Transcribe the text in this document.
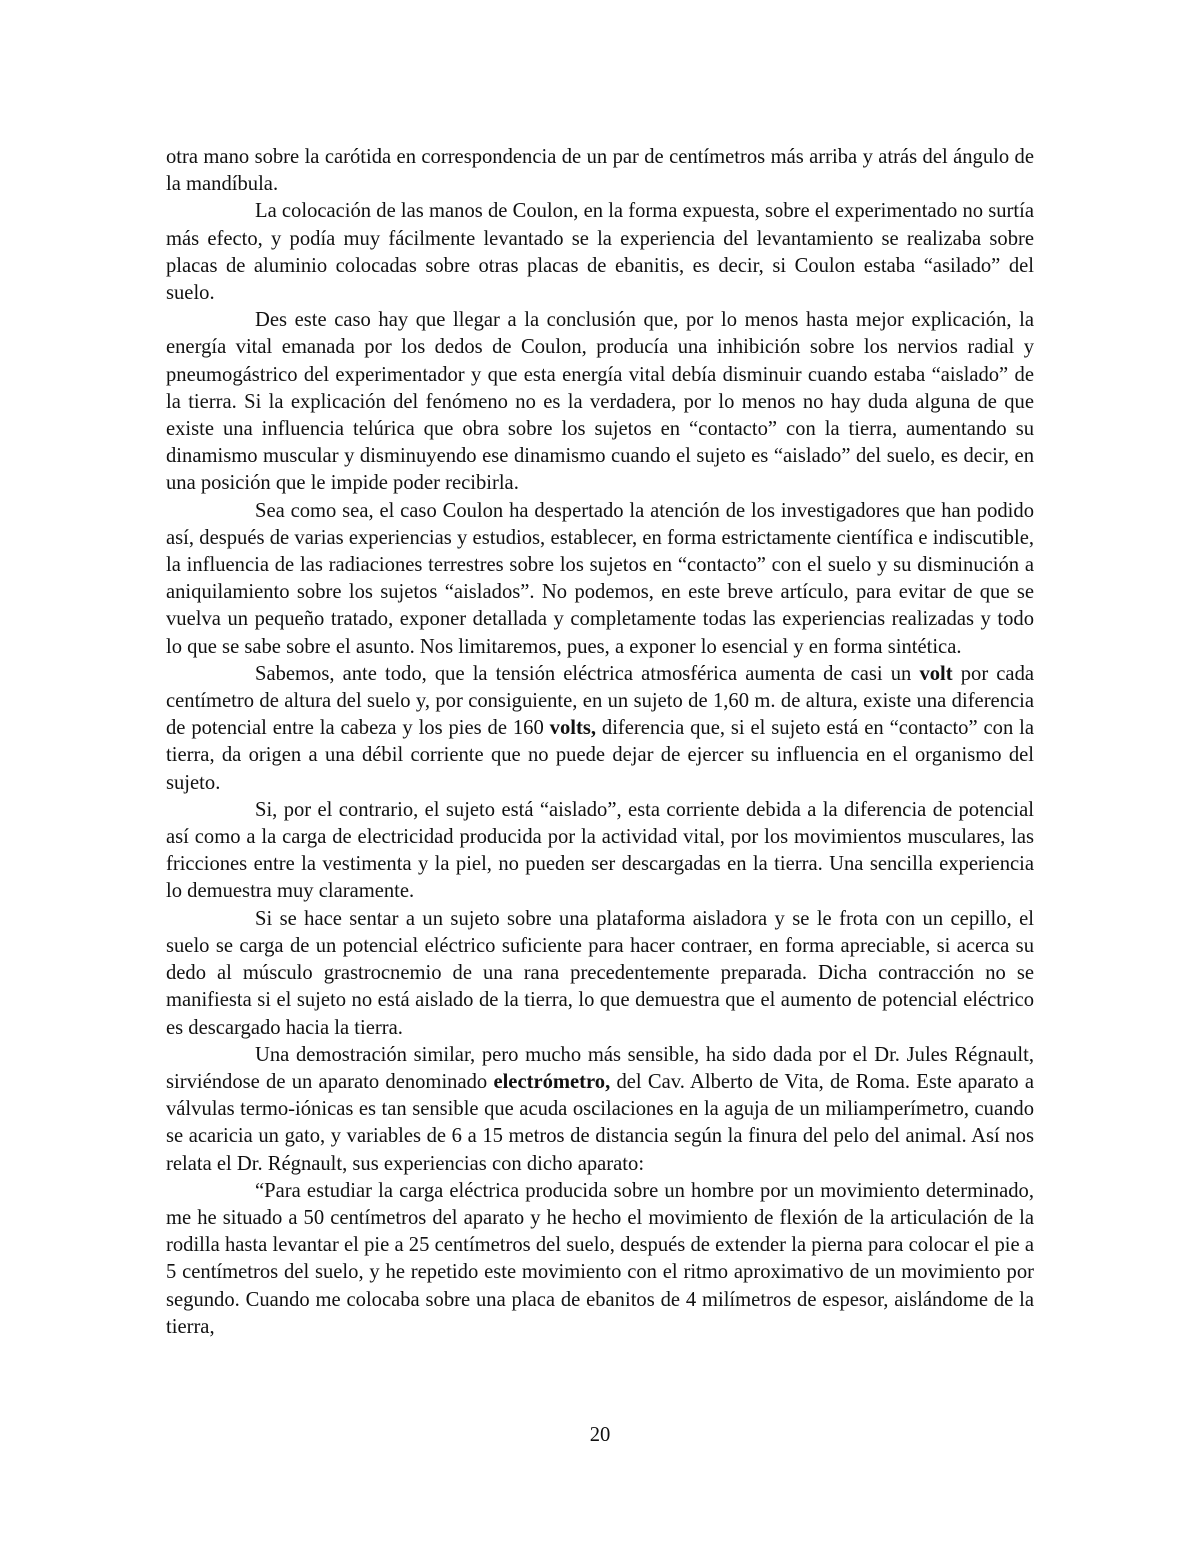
otra mano sobre la carótida en correspondencia de un par de centímetros más arriba y atrás del ángulo de la mandíbula.

La colocación de las manos de Coulon, en la forma expuesta, sobre el experimentado no surtía más efecto, y podía muy fácilmente levantado se la experiencia del levantamiento se realizaba sobre placas de aluminio colocadas sobre otras placas de ebanitis, es decir, si Coulon estaba “asilado” del suelo.

Des este caso hay que llegar a la conclusión que, por lo menos hasta mejor explicación, la energía vital emanada por los dedos de Coulon, producía una inhibición sobre los nervios radial y pneumogástrico del experimentador y que esta energía vital debía disminuir cuando estaba “aislado” de la tierra. Si la explicación del fenómeno no es la verdadera, por lo menos no hay duda alguna de que existe una influencia telúrica que obra sobre los sujetos en “contacto” con la tierra, aumentando su dinamismo muscular y disminuyendo ese dinamismo cuando el sujeto es “aislado” del suelo, es decir, en una posición que le impide poder recibirla.

Sea como sea, el caso Coulon ha despertado la atención de los investigadores que han podido así, después de varias experiencias y estudios, establecer, en forma estrictamente científica e indiscutible, la influencia de las radiaciones terrestres sobre los sujetos en “contacto” con el suelo y su disminución a aniquilamiento sobre los sujetos “aislados”. No podemos, en este breve artículo, para evitar de que se vuelva un pequeño tratado, exponer detallada y completamente todas las experiencias realizadas y todo lo que se sabe sobre el asunto. Nos limitaremos, pues, a exponer lo esencial y en forma sintética.

Sabemos, ante todo, que la tensión eléctrica atmosférica aumenta de casi un volt por cada centímetro de altura del suelo y, por consiguiente, en un sujeto de 1,60 m. de altura, existe una diferencia de potencial entre la cabeza y los pies de 160 volts, diferencia que, si el sujeto está en “contacto” con la tierra, da origen a una débil corriente que no puede dejar de ejercer su influencia en el organismo del sujeto.

Si, por el contrario, el sujeto está “aislado”, esta corriente debida a la diferencia de potencial así como a la carga de electricidad producida por la actividad vital, por los movimientos musculares, las fricciones entre la vestimenta y la piel, no pueden ser descargadas en la tierra. Una sencilla experiencia lo demuestra muy claramente.

Si se hace sentar a un sujeto sobre una plataforma aisladora y se le frota con un cepillo, el suelo se carga de un potencial eléctrico suficiente para hacer contraer, en forma apreciable, si acerca su dedo al músculo grastrocnemio de una rana precedentemente preparada. Dicha contracción no se manifiesta si el sujeto no está aislado de la tierra, lo que demuestra que el aumento de potencial eléctrico es descargado hacia la tierra.

Una demostración similar, pero mucho más sensible, ha sido dada por el Dr. Jules Régnault, sirviéndose de un aparato denominado electrómetro, del Cav. Alberto de Vita, de Roma. Este aparato a válvulas termo-iónicas es tan sensible que acuda oscilaciones en la aguja de un miliamperímetro, cuando se acaricia un gato, y variables de 6 a 15 metros de distancia según la finura del pelo del animal. Así nos relata el Dr. Régnault, sus experiencias con dicho aparato:

“Para estudiar la carga eléctrica producida sobre un hombre por un movimiento determinado, me he situado a 50 centímetros del aparato y he hecho el movimiento de flexión de la articulación de la rodilla hasta levantar el pie a 25 centímetros del suelo, después de extender la pierna para colocar el pie a 5 centímetros del suelo, y he repetido este movimiento con el ritmo aproximativo de un movimiento por segundo. Cuando me colocaba sobre una placa de ebanitos de 4 milímetros de espesor, aislándome de la tierra,

20
